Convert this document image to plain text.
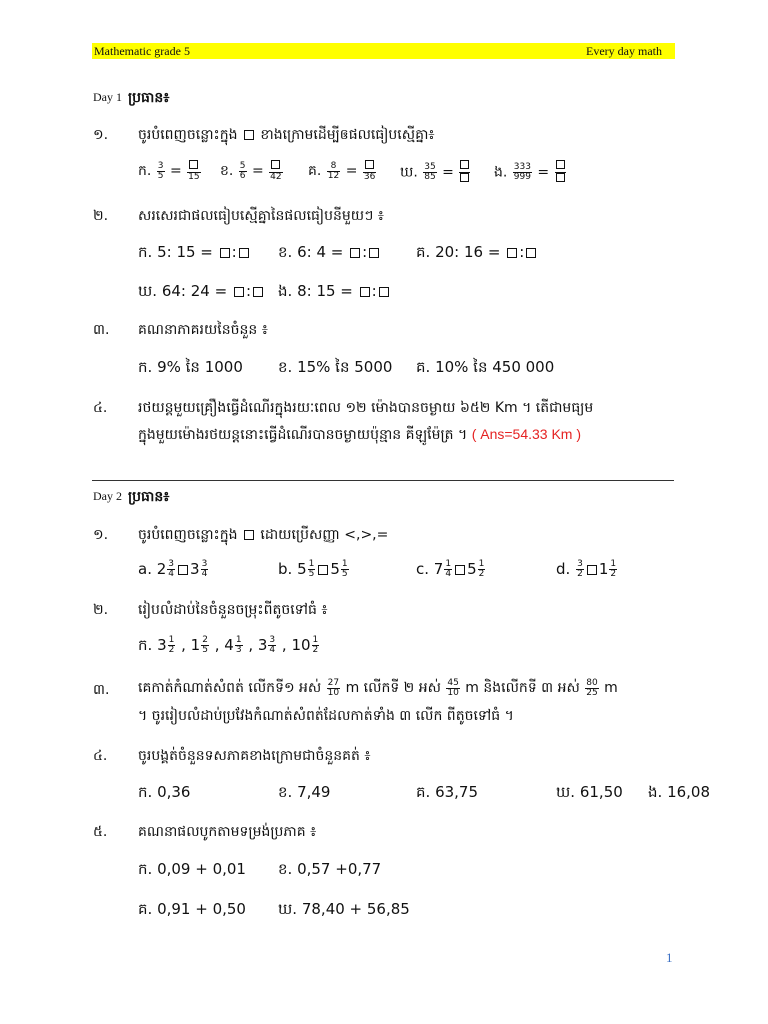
Mathematic grade 5	Every day math
Day 1 ប្រធាន៖
១. ចូរបំពេញចន្លោះក្នុង ខាងក្រោមដើម្បីឲផលធៀបស្មើគ្នា៖
ក. $\frac{3}{5} = 15$ ខ. $\frac{5}{6} = 42$ គ. $\frac{8}{12} = 36$ ឃ. $\frac{35}{85}$ =	ង. $\frac{333}{999}$ =
២. សរសេរជាផលធៀបស្មើគ្នានៃផលធៀបនីមួយៗ ៖
ក. 5: 15 = :	ខ. 6: 4 = :	គ. 20: 16 = :
ឃ. 64: 24 = :	ង. 8: 15 = :
៣. គណនាភាគរយនៃចំនួន ៖
ក. 9% នៃ 1000 ខ. 15% នៃ 5000 គ. 10% នៃ 450 000
៤. រថយន្តមួយគ្រឿងធ្វើដំណើរក្នុងរយៈពេល ១២ ម៉ោងបានចម្ងាយ ៦៥២ Km ។ តើជាមធ្យម
ក្នុងមួយម៉ោងរថយន្តនោះធ្វើដំណើរបានចម្ងាយប៉ុន្មាន គីឡូម៉ែត្រ ។ ( Ans=54.33 Km )
Day 2 ប្រធាន៖
១. ចូរបំពេញចន្លោះក្នុង ដោយប្រើសញ្ញា <,>,=
a. $2 \frac{3}{4} 3 \frac{3}{4}$	b. $5 \frac{1}{5} 5 \frac{1}{5}$	c. $7 \frac{1}{4} 5 \frac{1}{2}$	d. $\frac{3}{2} 1 \frac{1}{2}$
២. រៀបលំដាប់នៃចំនួនចម្រុះពីតូចទៅធំ ៖
ក. $3 \frac{1}{2}$ , $1 \frac{2}{5}$ , $4 \frac{1}{3}$ , $3 \frac{3}{4}$ , $10 \frac{1}{2}$
៣. គេកាត់កំណាត់សំពត់ លើកទី១ អស់ $\frac{27}{10}$ m លើកទី ២ អស់ $\frac{45}{10}$ m និងលើកទី ៣ អស់ $\frac{80}{25}$ m
។ ចូររៀបលំដាប់ប្រវែងកំណាត់សំពត់ដែលកាត់ទាំង ៣ លើក ពីតូចទៅធំ ។
៤. ចូរបង្គត់ចំនួនទសភាគខាងក្រោមជាចំនួនគត់ ៖
ក. 0,36	ខ. 7,49	គ. 63,75	ឃ. 61,50 ង. 16,08
៥. គណនាផលបូកតាមទម្រង់ប្រភាគ ៖
ក. 0,09 + 0,01 ខ. 0,57 +0,77
គ. 0,91 + 0,50 ឃ. 78,40 + 56,85
1
